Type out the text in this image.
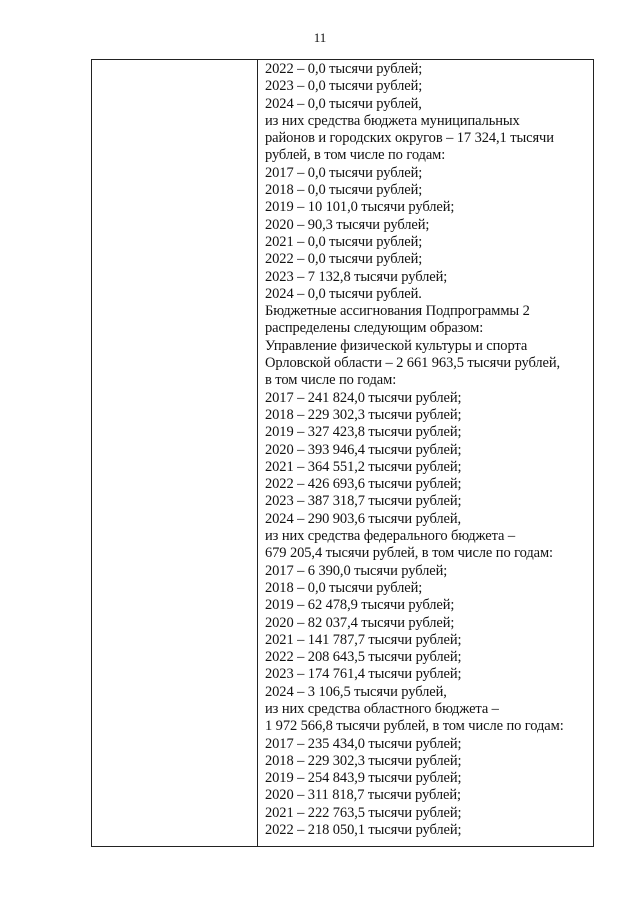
11
2022 – 0,0 тысячи рублей;
2023 – 0,0 тысячи рублей;
2024 – 0,0 тысячи рублей,
из них средства бюджета муниципальных
районов и городских округов – 17 324,1 тысячи
рублей, в том числе по годам:
2017 – 0,0 тысячи рублей;
2018 – 0,0 тысячи рублей;
2019 – 10 101,0 тысячи рублей;
2020 – 90,3 тысячи рублей;
2021 – 0,0 тысячи рублей;
2022 – 0,0 тысячи рублей;
2023 – 7 132,8 тысячи рублей;
2024 – 0,0 тысячи рублей.
Бюджетные ассигнования Подпрограммы 2
распределены следующим образом:
Управление физической культуры и спорта
Орловской области – 2 661 963,5 тысячи рублей,
в том числе по годам:
2017 – 241 824,0 тысячи рублей;
2018 – 229 302,3 тысячи рублей;
2019 – 327 423,8 тысячи рублей;
2020 – 393 946,4 тысячи рублей;
2021 – 364 551,2 тысячи рублей;
2022 – 426 693,6 тысячи рублей;
2023 – 387 318,7 тысячи рублей;
2024 – 290 903,6 тысячи рублей,
из них средства федерального бюджета –
679 205,4 тысячи рублей, в том числе по годам:
2017 – 6 390,0 тысячи рублей;
2018 – 0,0 тысячи рублей;
2019 – 62 478,9 тысячи рублей;
2020 – 82 037,4 тысячи рублей;
2021 – 141 787,7 тысячи рублей;
2022 – 208 643,5 тысячи рублей;
2023 – 174 761,4 тысячи рублей;
2024 – 3 106,5 тысячи рублей,
из них средства областного бюджета –
1 972 566,8 тысячи рублей, в том числе по годам:
2017 – 235 434,0 тысячи рублей;
2018 – 229 302,3 тысячи рублей;
2019 – 254 843,9 тысячи рублей;
2020 – 311 818,7 тысячи рублей;
2021 – 222 763,5 тысячи рублей;
2022 – 218 050,1 тысячи рублей;
